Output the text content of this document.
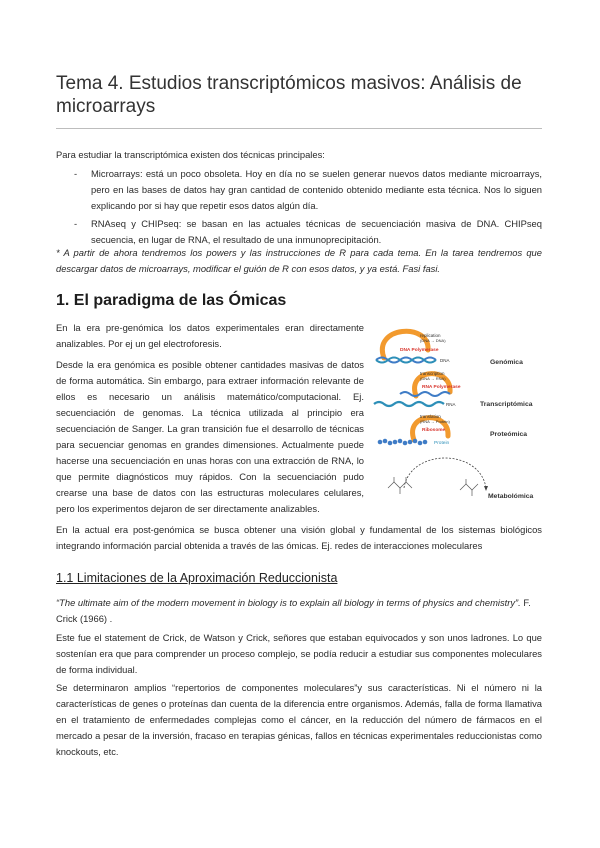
Tema 4. Estudios transcriptómicos masivos: Análisis de microarrays

Para estudiar la transcriptómica existen dos técnicas principales:

- Microarrays: está un poco obsoleta. Hoy en día no se suelen generar nuevos datos mediante microarrays, pero en las bases de datos hay gran cantidad de contenido obtenido mediante esta técnica. Nos lo siguen explicando por si hay que repetir esos datos algún día.
- RNAseq y CHIPseq: se basan en las actuales técnicas de secuenciación masiva de DNA. CHIPseq secuencia, en lugar de RNA, el resultado de una inmunoprecipitación.

* A partir de ahora tendremos los powers y las instrucciones de R para cada tema. En la tarea tendremos que descargar datos de microarrays, modificar el guión de R con esos datos, y ya está. Fasi fasi.

1. El paradigma de las Ómicas

En la era pre-genómica los datos experimentales eran directamente analizables. Por ej un gel electroforesis.

Desde la era genómica es posible obtener cantidades masivas de datos de forma automática. Sin embargo, para extraer información relevante de ellos es necesario un análisis matemático/computacional. Ej. secuenciación de genomas. La técnica utilizada al principio era secuenciación de Sanger. La gran transición fue el desarrollo de técnicas para secuenciar genomas en grandes dimensiones. Actualmente puede hacerse una secuenciación en unas horas con una extracción de RNA, lo que permite diagnósticos muy rápidos. Con la secuenciación pudo crearse una base de datos con las estructuras moleculares celulares, pero los experimentos dejaron de ser directamente analizables.

replication
(DNA → DNA)
DNA Polymerase
DNA	Genómica
transcription
(DNA → RNA)
RNA Polymerase
RNA	Transcriptómica
translation
(RNA → Protein)
Ribosome
Protein
Proteómica
Metabolómica

En la actual era post-genómica se busca obtener una visión global y fundamental de los sistemas biológicos integrando información parcial obtenida a través de las ómicas. Ej. redes de interacciones moleculares

1.1 Limitaciones de la Aproximación Reduccionista

“The ultimate aim of the modern movement in biology is to explain all biology in terms of physics and chemistry”. F. Crick (1966) .

Este fue el statement de Crick, de Watson y Crick, señores que estaban equivocados y son unos ladrones. Lo que sostenían era que para comprender un proceso complejo, se podía reducir a estudiar sus componentes moleculares de forma individual.

Se determinaron amplios “repertorios de componentes moleculares”y sus características. Ni el número ni la características de genes o proteínas dan cuenta de la diferencia entre organismos. Además, falla de forma llamativa en el tratamiento de enfermedades complejas como el cáncer, en la reducción del número de fármacos en el mercado a pesar de la inversión, fracaso en terapias génicas, fallos en técnicas experimentales reduccionistas como knockouts, etc.
